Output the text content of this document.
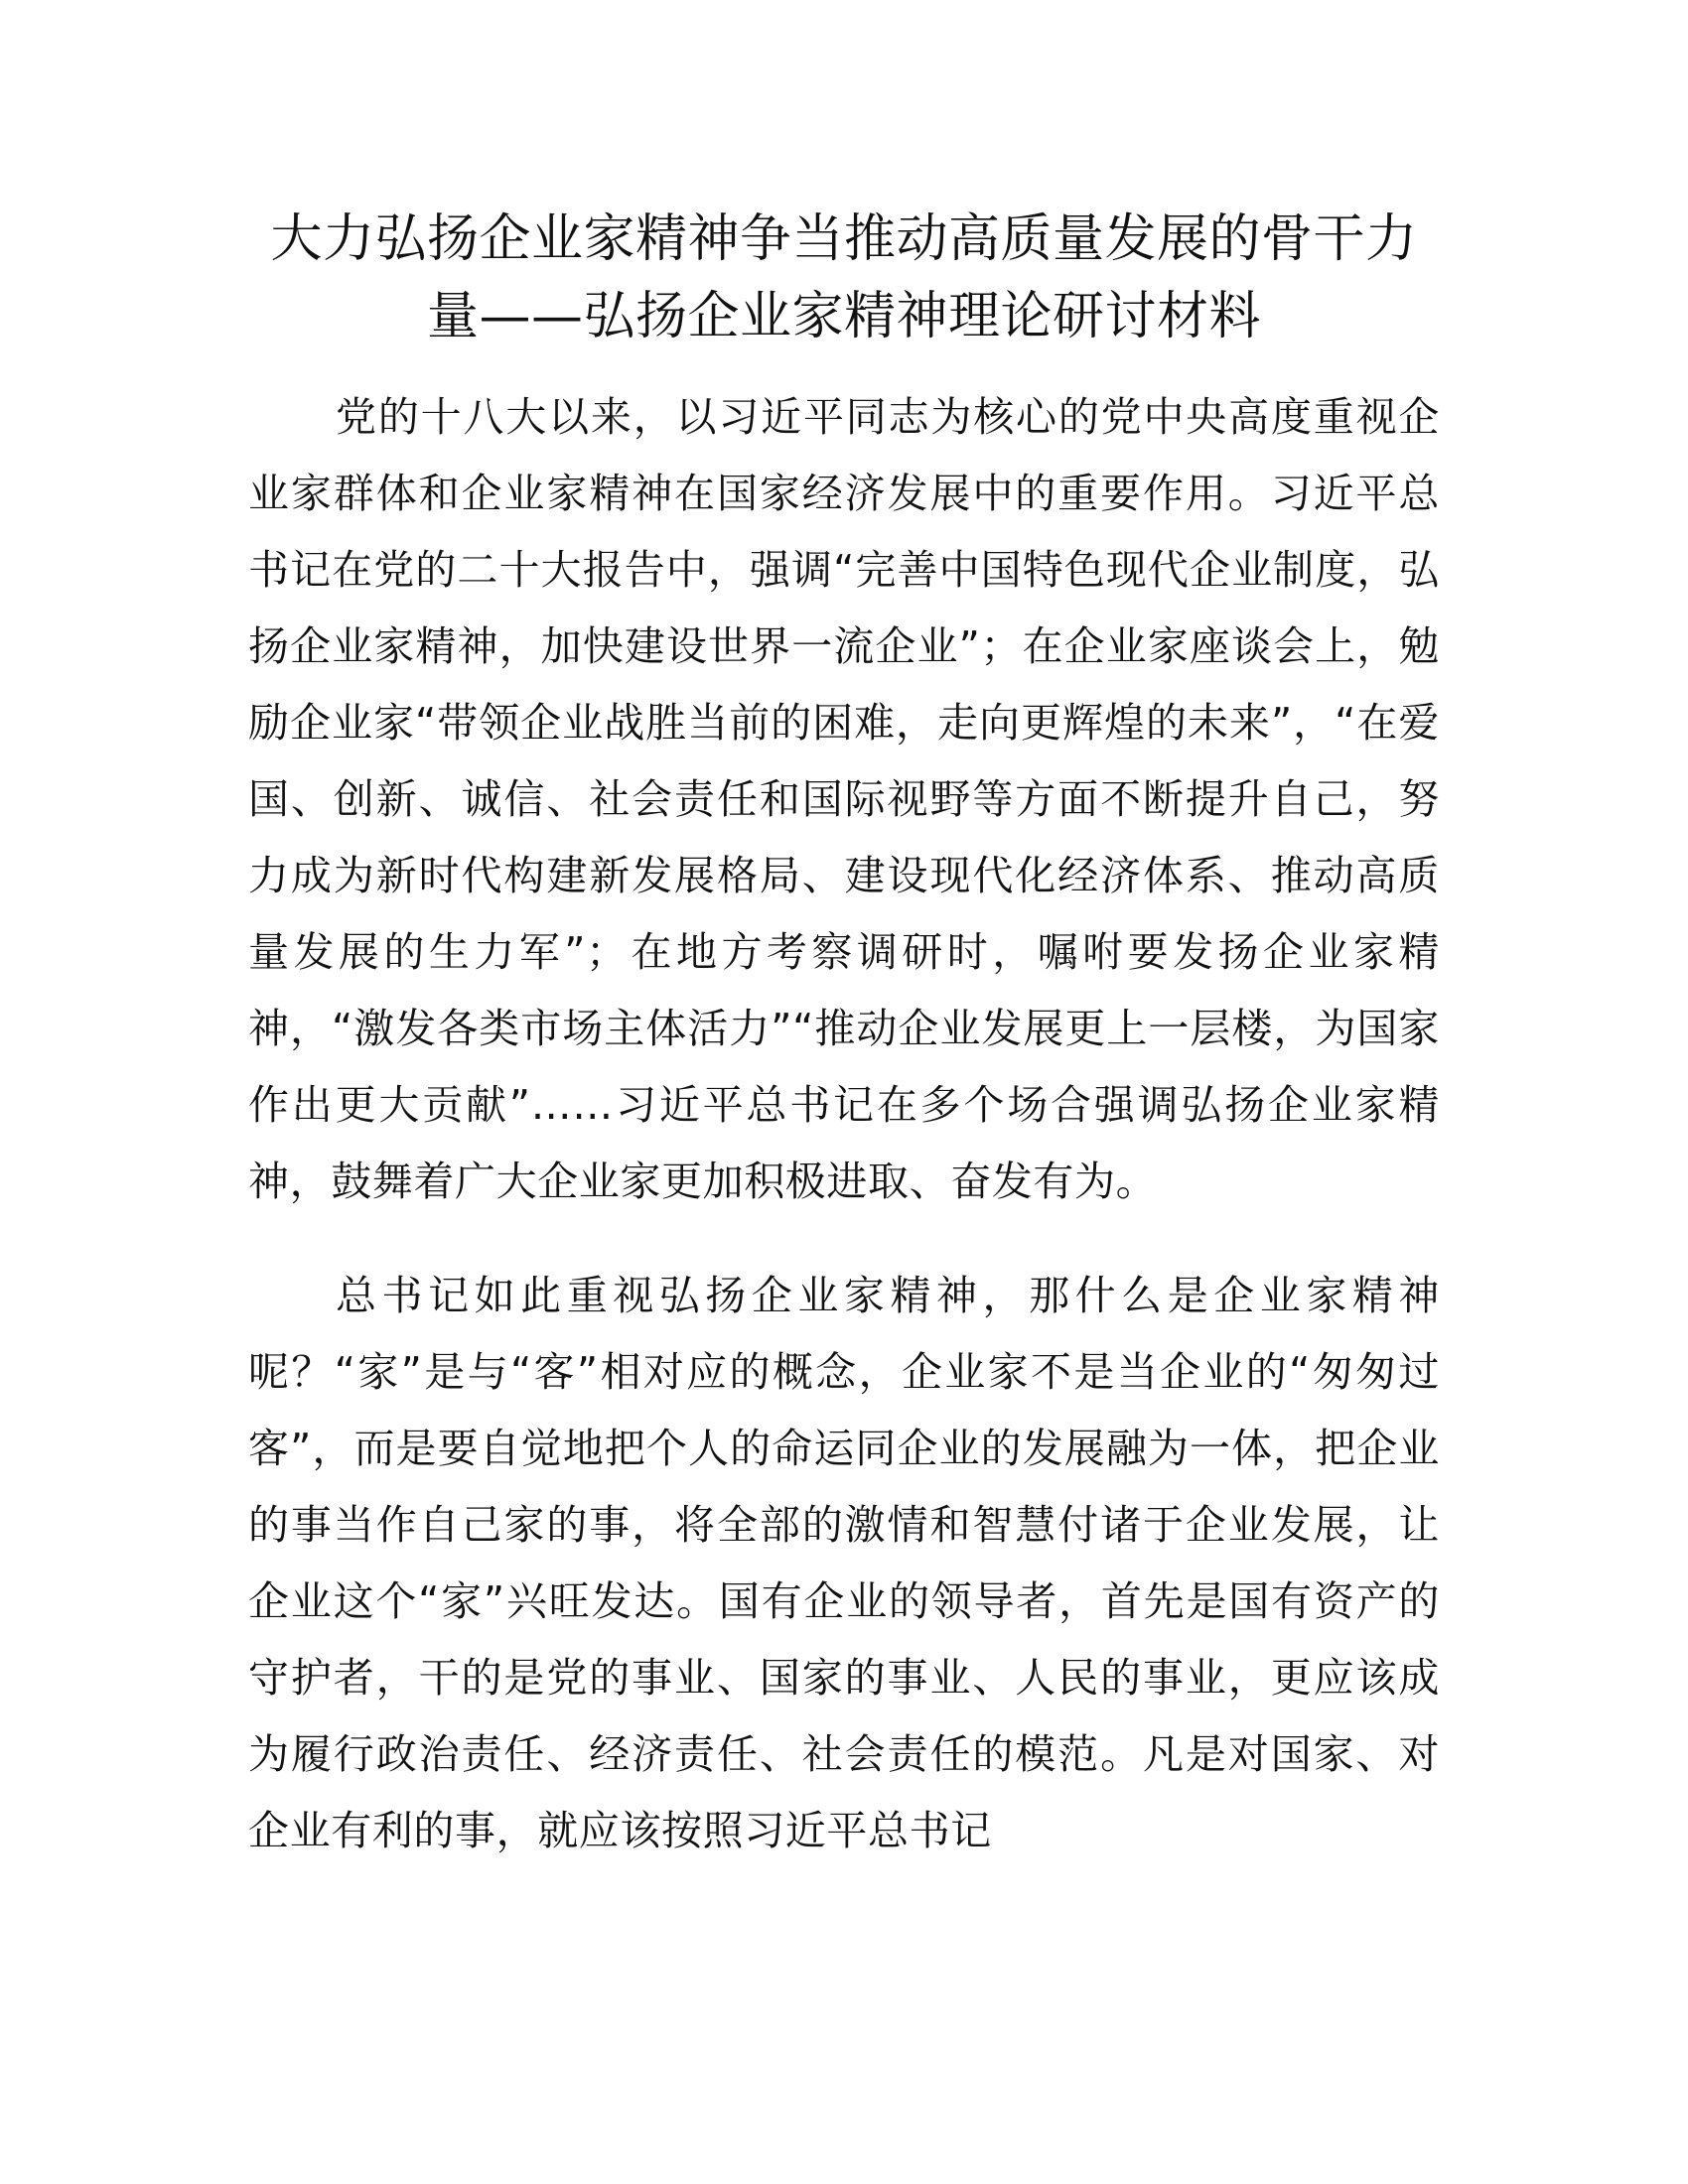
大力弘扬企业家精神争当推动高质量发展的骨干力量——弘扬企业家精神理论研讨材料

党的十八大以来，以习近平同志为核心的党中央高度重视企业家群体和企业家精神在国家经济发展中的重要作用。习近平总书记在党的二十大报告中，强调“完善中国特色现代企业制度，弘扬企业家精神，加快建设世界一流企业”；在企业家座谈会上，勉励企业家“带领企业战胜当前的困难，走向更辉煌的未来”，“在爱国、创新、诚信、社会责任和国际视野等方面不断提升自己，努力成为新时代构建新发展格局、建设现代化经济体系、推动高质量发展的生力军”；在地方考察调研时，嘱咐要发扬企业家精神，“激发各类市场主体活力”“推动企业发展更上一层楼，为国家作出更大贡献”……习近平总书记在多个场合强调弘扬企业家精神，鼓舞着广大企业家更加积极进取、奋发有为。

总书记如此重视弘扬企业家精神，那什么是企业家精神呢？“家”是与“客”相对应的概念，企业家不是当企业的“匆匆过客”，而是要自觉地把个人的命运同企业的发展融为一体，把企业的事当作自己家的事，将全部的激情和智慧付诸于企业发展，让企业这个“家”兴旺发达。国有企业的领导者，首先是国有资产的守护者，干的是党的事业、国家的事业、人民的事业，更应该成为履行政治责任、经济责任、社会责任的模范。凡是对国家、对企业有利的事，就应该按照习近平总书记
